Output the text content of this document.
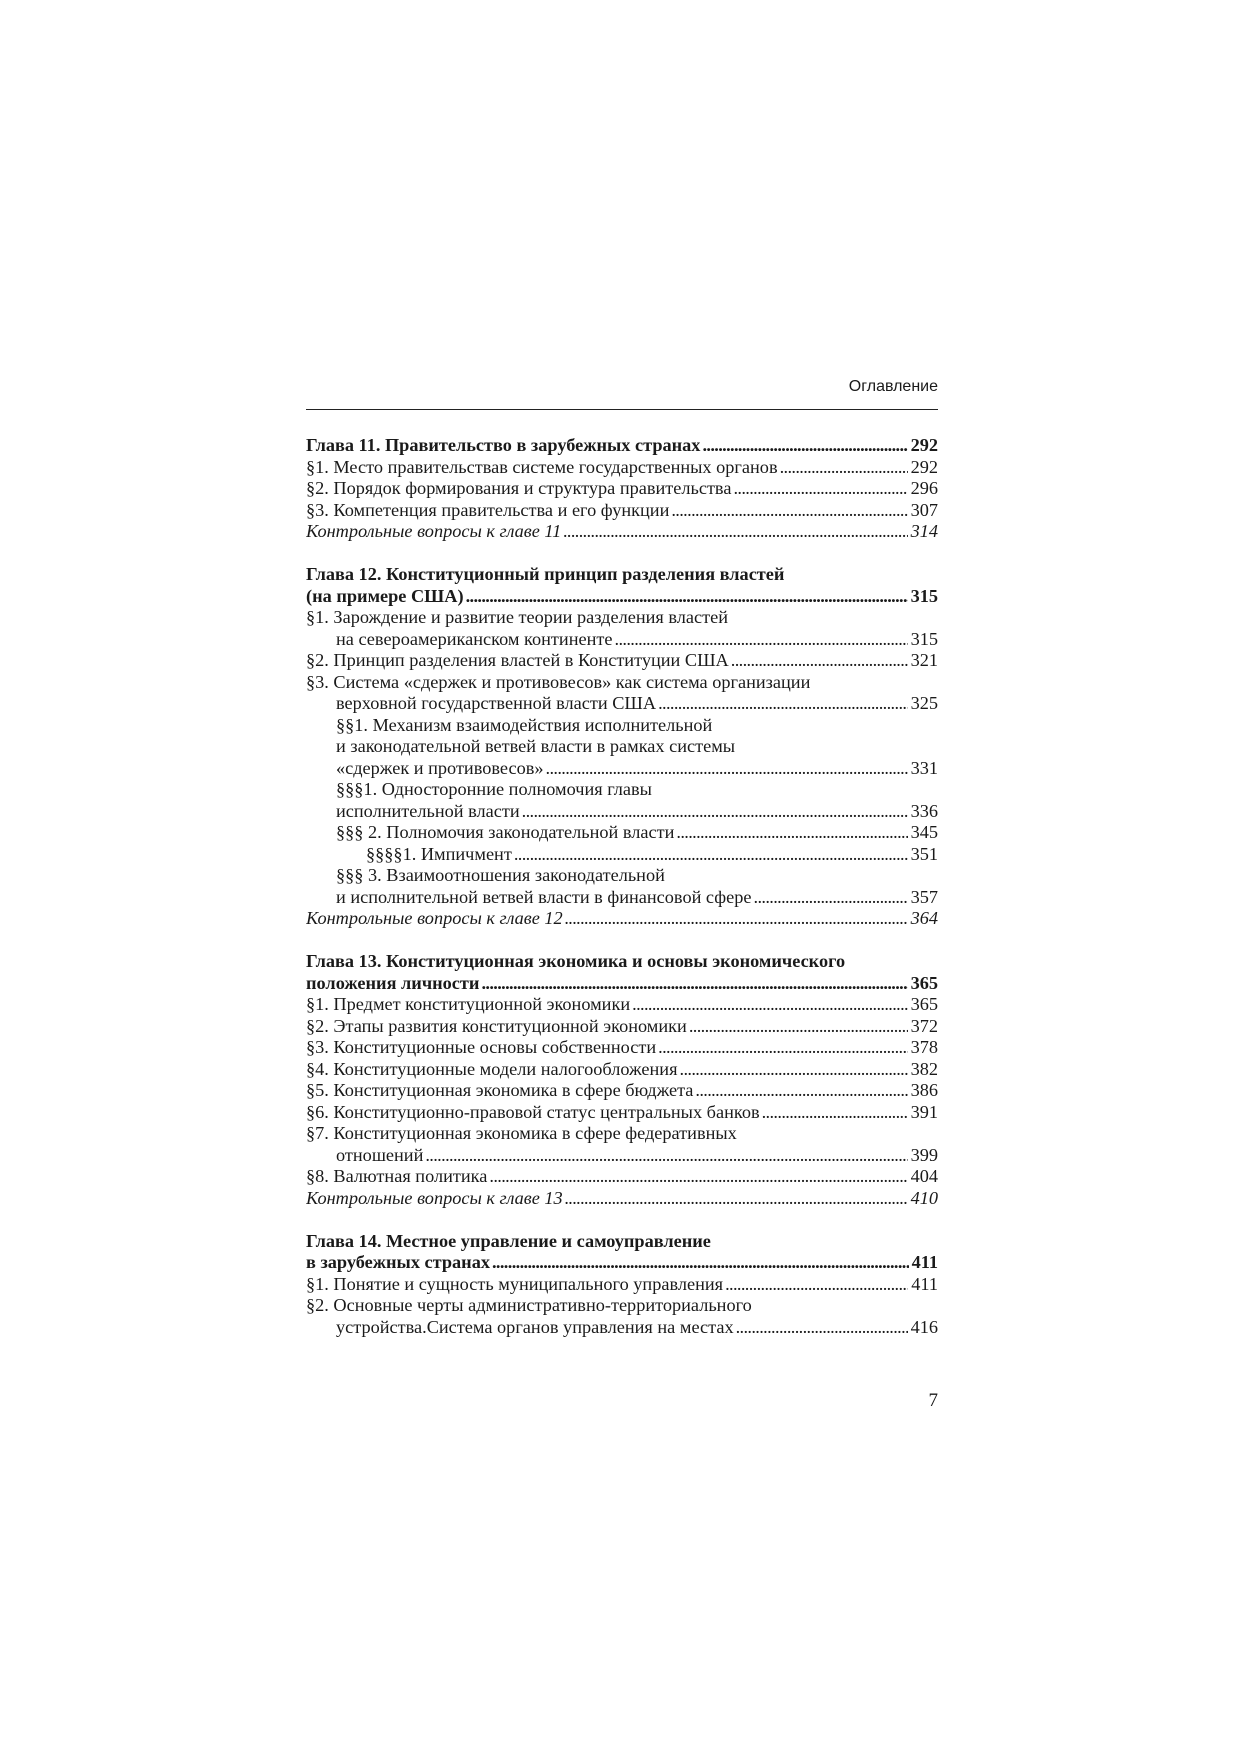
Оглавление
Глава 11. Правительство в зарубежных странах . . .	292
§1. Место правительствав системе государственных органов . . .	292
§2. Порядок формирования и структура правительства . . .	296
§3. Компетенция правительства и его функции . . .	307
Контрольные вопросы к главе 11 . . .	314
Глава 12. Конституционный принцип разделения властей
(на примере США) . . .	315
§1. Зарождение и развитие теории разделения властей
на североамериканском континенте . . .	315
§2. Принцип разделения властей в Конституции США . . .	321
§3. Система «сдержек и противовесов» как система организации
верховной государственной власти США . . .	325
§§1. Механизм взаимодействия исполнительной
и законодательной ветвей власти в рамках системы
«сдержек и противовесов» . . .	331
§§§1. Односторонние полномочия главы
исполнительной власти . . .	336
§§§ 2. Полномочия законодательной власти . . .	345
§§§§1. Импичмент . . .	351
§§§ 3. Взаимоотношения законодательной
и исполнительной ветвей власти в финансовой сфере . . .	357
Контрольные вопросы к главе 12 . . .	364
Глава 13. Конституционная экономика и основы экономического
положения личности . . .	365
§1. Предмет конституционной экономики . . .	365
§2. Этапы развития конституционной экономики . . .	372
§3. Конституционные основы собственности . . .	378
§4. Конституционные модели налогообложения . . .	382
§5. Конституционная экономика в сфере бюджета . . .	386
§6. Конституционно-правовой статус центральных банков . . .	391
§7. Конституционная экономика в сфере федеративных
отношений . . .	399
§8. Валютная политика . . .	404
Контрольные вопросы к главе 13 . . .	410
Глава 14. Местное управление и самоуправление
в зарубежных странах . . .	411
§1. Понятие и сущность муниципального управления . . .	411
§2. Основные черты административно-территориального
устройства.Система органов управления на местах . . .	416
7
